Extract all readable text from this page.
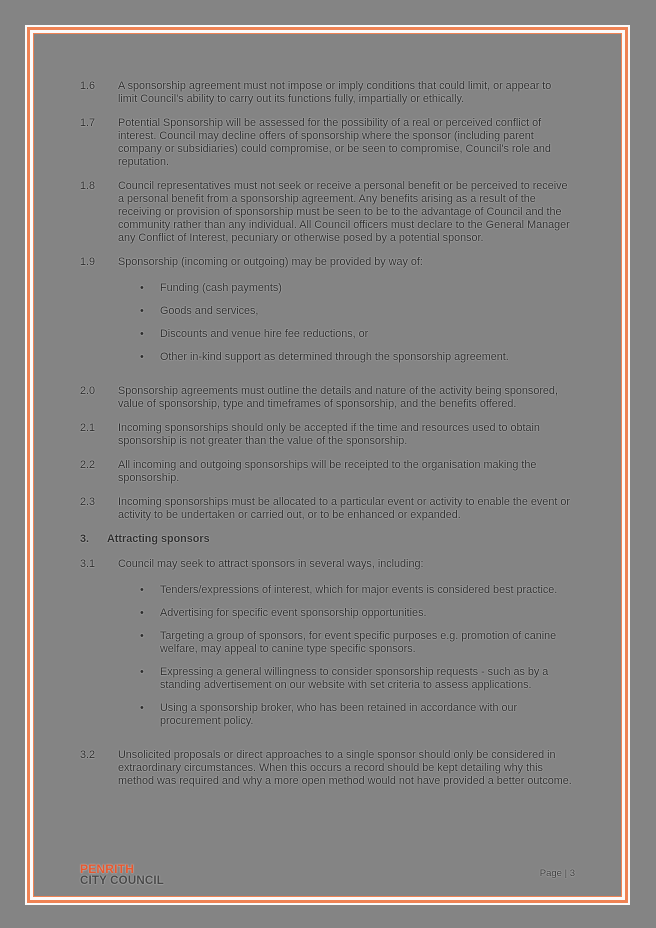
1.6	A sponsorship agreement must not impose or imply conditions that could limit, or appear to limit Council's ability to carry out its functions fully, impartially or ethically.

1.7	Potential Sponsorship will be assessed for the possibility of a real or perceived conflict of interest. Council may decline offers of sponsorship where the sponsor (including parent company or subsidiaries) could compromise, or be seen to compromise, Council's role and reputation.

1.8	Council representatives must not seek or receive a personal benefit or be perceived to receive a personal benefit from a sponsorship agreement. Any benefits arising as a result of the receiving or provision of sponsorship must be seen to be to the advantage of Council and the community rather than any individual. All Council officers must declare to the General Manager any Conflict of Interest, pecuniary or otherwise posed by a potential sponsor.

1.9	Sponsorship (incoming or outgoing) may be provided by way of:

•	Funding (cash payments)
•	Goods and services,
•	Discounts and venue hire fee reductions, or
•	Other in-kind support as determined through the sponsorship agreement.
2.0	Sponsorship agreements must outline the details and nature of the activity being sponsored, value of sponsorship, type and timeframes of sponsorship, and the benefits offered.

2.1	Incoming sponsorships should only be accepted if the time and resources used to obtain sponsorship is not greater than the value of the sponsorship.

2.2	All incoming and outgoing sponsorships will be receipted to the organisation making the sponsorship.

2.3	Incoming sponsorships must be allocated to a particular event or activity to enable the event or activity to be undertaken or carried out, or to be enhanced or expanded.

3.	Attracting sponsors

3.1	Council may seek to attract sponsors in several ways, including:

•	Tenders/expressions of interest, which for major events is considered best practice.
•	Advertising for specific event sponsorship opportunities.
•	Targeting a group of sponsors, for event specific purposes e.g. promotion of canine welfare, may appeal to canine type specific sponsors.
•	Expressing a general willingness to consider sponsorship requests - such as by a standing advertisement on our website with set criteria to assess applications.
•	Using a sponsorship broker, who has been retained in accordance with our procurement policy.
3.2	Unsolicited proposals or direct approaches to a single sponsor should only be considered in extraordinary circumstances. When this occurs a record should be kept detailing why this method was required and why a more open method would not have provided a better outcome.

PENRITH
CITY COUNCIL
Page | 3
